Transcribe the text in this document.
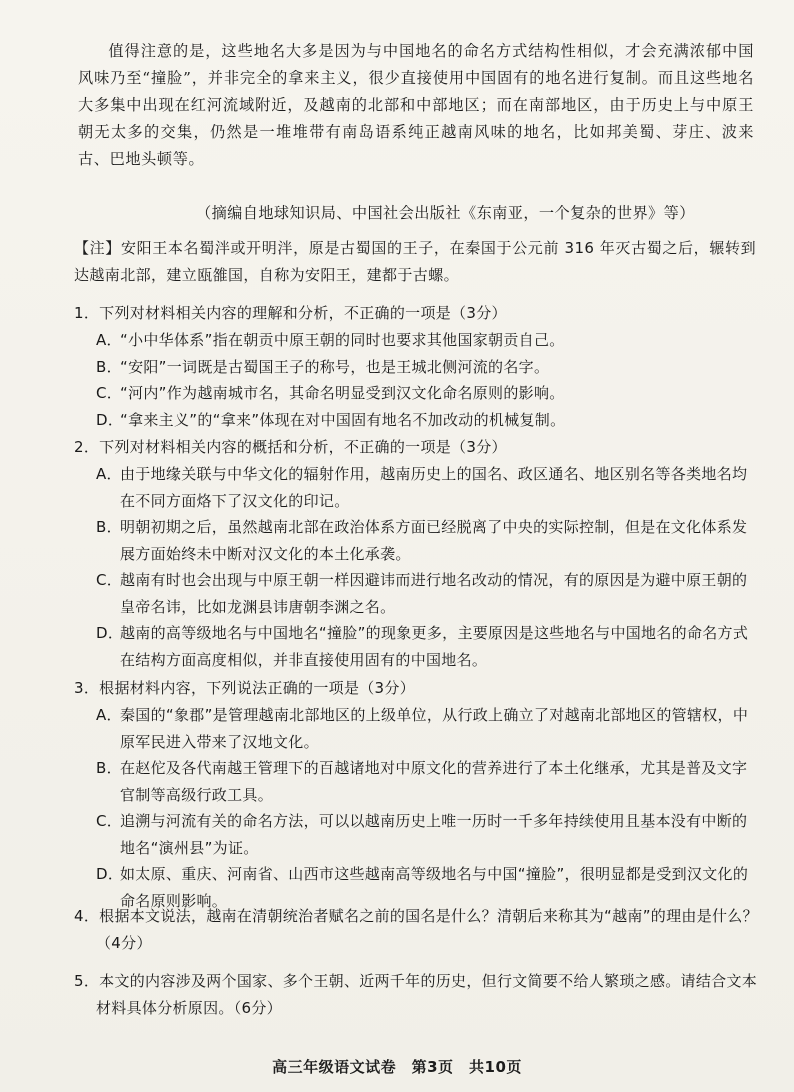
值得注意的是，这些地名大多是因为与中国地名的命名方式结构性相似，才会充满浓郁中国风味乃至“撞脸”，并非完全的拿来主义，很少直接使用中国固有的地名进行复制。而且这些地名大多集中出现在红河流域附近，及越南的北部和中部地区；而在南部地区，由于历史上与中原王朝无太多的交集，仍然是一堆堆带有南岛语系纯正越南风味的地名，比如邦美蜀、芽庄、波来古、巴地头顿等。

（摘编自地球知识局、中国社会出版社《东南亚，一个复杂的世界》等）
【注】安阳王本名蜀泮或开明泮，原是古蜀国的王子，在秦国于公元前 316 年灭古蜀之后，辗转到达越南北部，建立瓯雒国，自称为安阳王，建都于古螺。
1．下列对材料相关内容的理解和分析，不正确的一项是（3分）
A．“小中华体系”指在朝贡中原王朝的同时也要求其他国家朝贡自己。
B．“安阳”一词既是古蜀国王子的称号，也是王城北侧河流的名字。
C．“河内”作为越南城市名，其命名明显受到汉文化命名原则的影响。
D．“拿来主义”的“拿来”体现在对中国固有地名不加改动的机械复制。
2．下列对材料相关内容的概括和分析，不正确的一项是（3分）
A．由于地缘关联与中华文化的辐射作用，越南历史上的国名、政区通名、地区别名等各类地名均在不同方面烙下了汉文化的印记。
B．明朝初期之后，虽然越南北部在政治体系方面已经脱离了中央的实际控制，但是在文化体系发展方面始终未中断对汉文化的本土化承袭。
C．越南有时也会出现与中原王朝一样因避讳而进行地名改动的情况，有的原因是为避中原王朝的皇帝名讳，比如龙渊县讳唐朝李渊之名。
D．越南的高等级地名与中国地名“撞脸”的现象更多，主要原因是这些地名与中国地名的命名方式在结构方面高度相似，并非直接使用固有的中国地名。
3．根据材料内容，下列说法正确的一项是（3分）
A．秦国的“象郡”是管理越南北部地区的上级单位，从行政上确立了对越南北部地区的管辖权，中原军民进入带来了汉地文化。
B．在赵佗及各代南越王管理下的百越诸地对中原文化的营养进行了本土化继承，尤其是普及文字官制等高级行政工具。
C．追溯与河流有关的命名方法，可以以越南历史上唯一历时一千多年持续使用且基本没有中断的地名“演州县”为证。
D．如太原、重庆、河南省、山西市这些越南高等级地名与中国“撞脸”，很明显都是受到汉文化的命名原则影响。
4．根据本文说法，越南在清朝统治者赋名之前的国名是什么？清朝后来称其为“越南”的理由是什么？（4分）
5．本文的内容涉及两个国家、多个王朝、近两千年的历史，但行文简要不给人繁琐之感。请结合文本材料具体分析原因。（6分）
高三年级语文试卷　第3页　共10页
